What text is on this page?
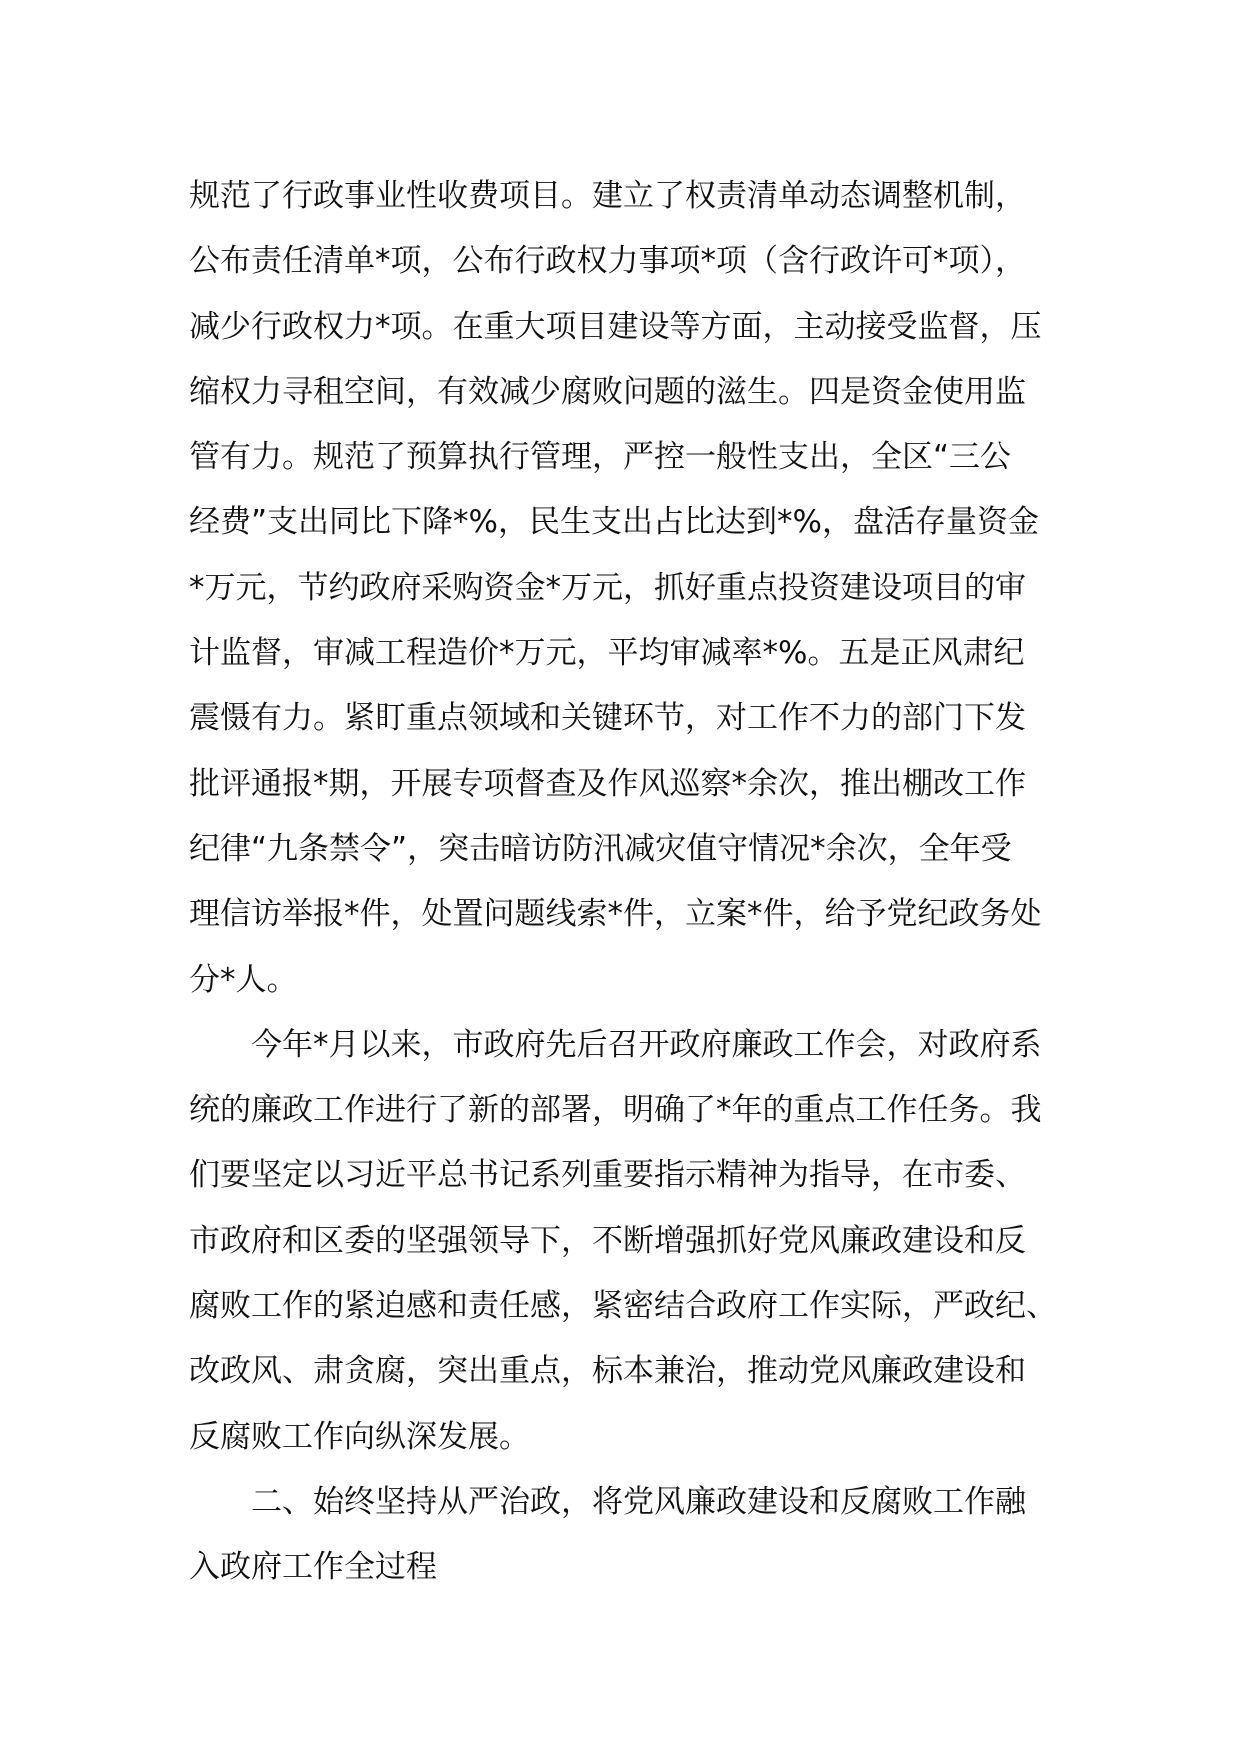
规范了行政事业性收费项目。建立了权责清单动态调整机制，
公布责任清单*项，公布行政权力事项*项（含行政许可*项），
减少行政权力*项。在重大项目建设等方面，主动接受监督，压
缩权力寻租空间，有效减少腐败问题的滋生。四是资金使用监
管有力。规范了预算执行管理，严控一般性支出，全区“三公
经费”支出同比下降*%，民生支出占比达到*%，盘活存量资金
*万元，节约政府采购资金*万元，抓好重点投资建设项目的审
计监督，审减工程造价*万元，平均审减率*%。五是正风肃纪
震慑有力。紧盯重点领域和关键环节，对工作不力的部门下发
批评通报*期，开展专项督查及作风巡察*余次，推出棚改工作
纪律“九条禁令”，突击暗访防汛减灾值守情况*余次，全年受
理信访举报*件，处置问题线索*件，立案*件，给予党纪政务处
分*人。
今年*月以来，市政府先后召开政府廉政工作会，对政府系
统的廉政工作进行了新的部署，明确了*年的重点工作任务。我
们要坚定以习近平总书记系列重要指示精神为指导，在市委、
市政府和区委的坚强领导下，不断增强抓好党风廉政建设和反
腐败工作的紧迫感和责任感，紧密结合政府工作实际，严政纪、
改政风、肃贪腐，突出重点，标本兼治，推动党风廉政建设和
反腐败工作向纵深发展。
二、始终坚持从严治政，将党风廉政建设和反腐败工作融
入政府工作全过程
